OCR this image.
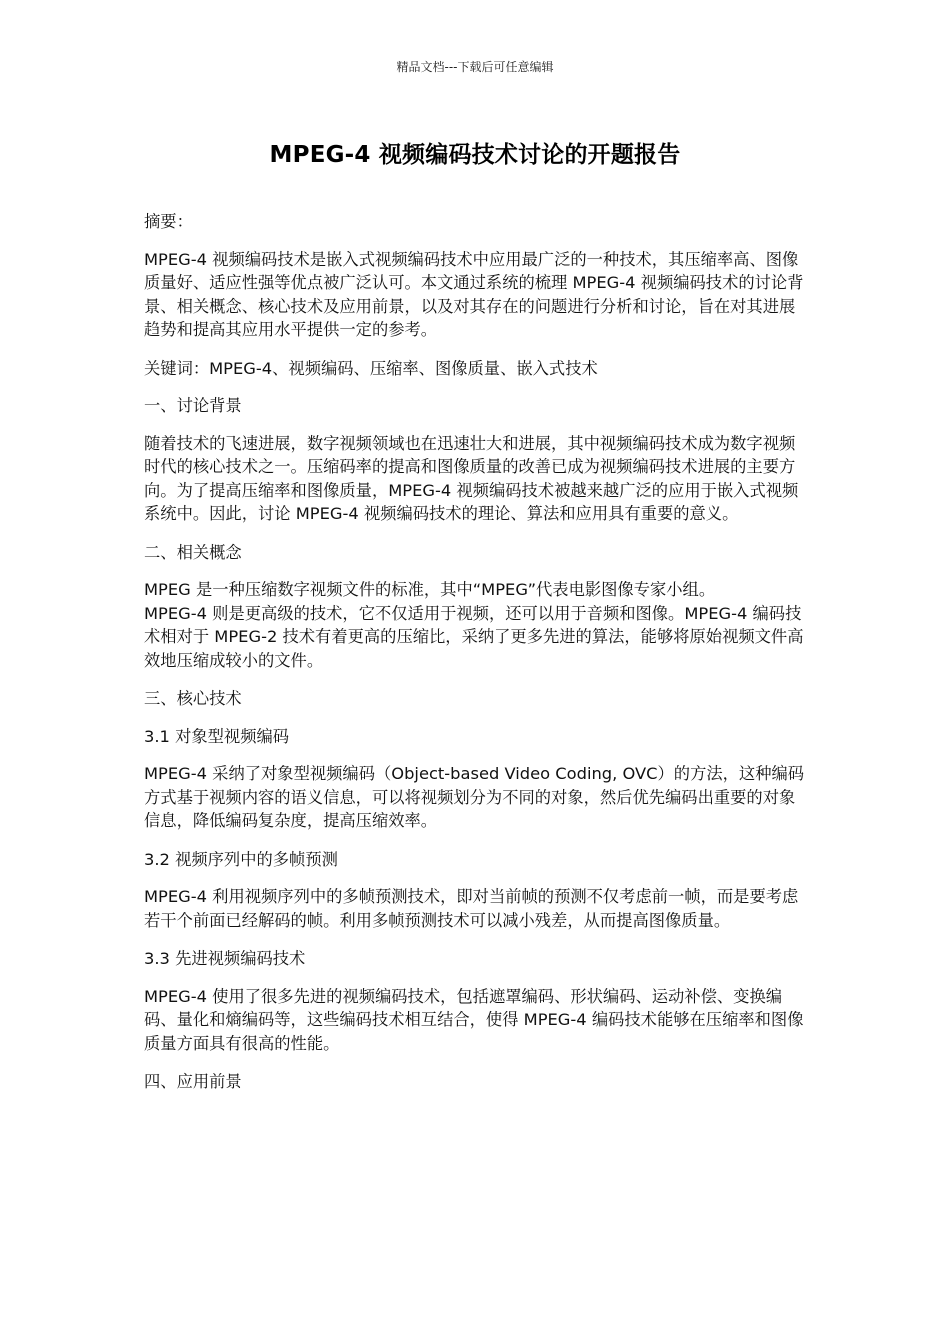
精品文档---下载后可任意编辑
MPEG-4 视频编码技术讨论的开题报告

摘要：

MPEG-4 视频编码技术是嵌入式视频编码技术中应用最广泛的一种技术，其压缩率高、图像质量好、适应性强等优点被广泛认可。本文通过系统的梳理 MPEG-4 视频编码技术的讨论背景、相关概念、核心技术及应用前景，以及对其存在的问题进行分析和讨论，旨在对其进展趋势和提高其应用水平提供一定的参考。

关键词：MPEG-4、视频编码、压缩率、图像质量、嵌入式技术

一、讨论背景

随着技术的飞速进展，数字视频领域也在迅速壮大和进展，其中视频编码技术成为数字视频时代的核心技术之一。压缩码率的提高和图像质量的改善已成为视频编码技术进展的主要方向。为了提高压缩率和图像质量，MPEG-4 视频编码技术被越来越广泛的应用于嵌入式视频系统中。因此，讨论 MPEG-4 视频编码技术的理论、算法和应用具有重要的意义。

二、相关概念

MPEG 是一种压缩数字视频文件的标准，其中“MPEG”代表电影图像专家小组。

MPEG-4 则是更高级的技术，它不仅适用于视频，还可以用于音频和图像。MPEG-4 编码技术相对于 MPEG-2 技术有着更高的压缩比，采纳了更多先进的算法，能够将原始视频文件高效地压缩成较小的文件。

三、核心技术

3.1 对象型视频编码

MPEG-4 采纳了对象型视频编码（Object-based Video Coding, OVC）的方法，这种编码方式基于视频内容的语义信息，可以将视频划分为不同的对象，然后优先编码出重要的对象信息，降低编码复杂度，提高压缩效率。

3.2 视频序列中的多帧预测

MPEG-4 利用视频序列中的多帧预测技术，即对当前帧的预测不仅考虑前一帧，而是要考虑若干个前面已经解码的帧。利用多帧预测技术可以减小残差，从而提高图像质量。

3.3 先进视频编码技术

MPEG-4 使用了很多先进的视频编码技术，包括遮罩编码、形状编码、运动补偿、变换编码、量化和熵编码等，这些编码技术相互结合，使得 MPEG-4 编码技术能够在压缩率和图像质量方面具有很高的性能。

四、应用前景
